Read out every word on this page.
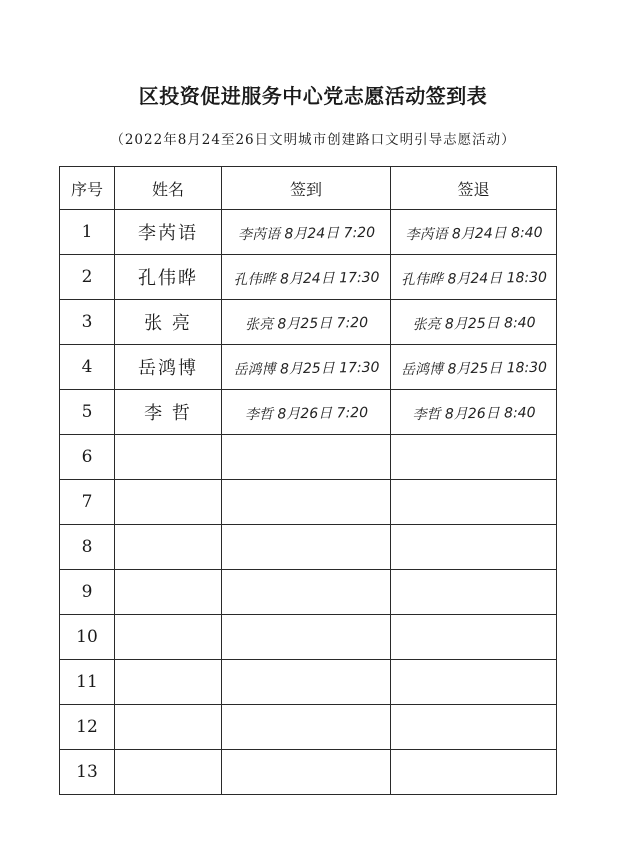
区投资促进服务中心党志愿活动签到表
（2022年8月24至26日文明城市创建路口文明引导志愿活动）
序号	姓名	签到	签退
1	李芮语	李芮语 8月24日 7:20	李芮语 8月24日 8:40
2	孔伟晔	孔伟晔 8月24日 17:30	孔伟晔 8月24日 18:30
3	张 亮	张亮 8月25日 7:20	张亮 8月25日 8:40
4	岳鸿博	岳鸿博 8月25日 17:30	岳鸿博 8月25日 18:30
5	李 哲	李哲 8月26日 7:20	李哲 8月26日 8:40
6			
7			
8			
9			
10			
11			
12			
13			
